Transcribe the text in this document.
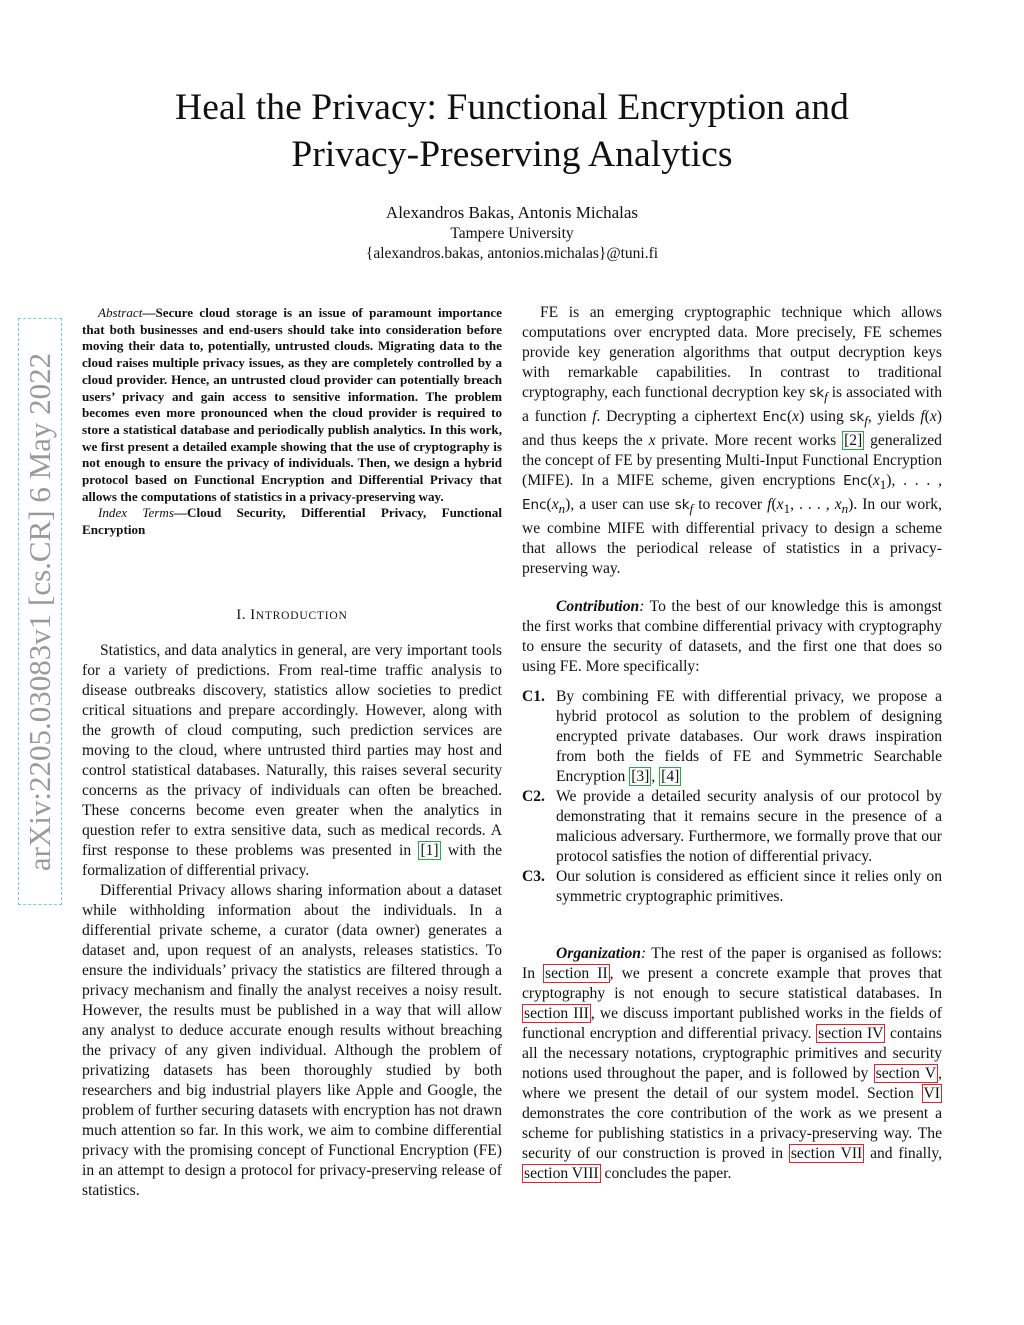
Heal the Privacy: Functional Encryption and
Privacy-Preserving Analytics
Alexandros Bakas, Antonis Michalas
Tampere University
{alexandros.bakas, antonios.michalas}@tuni.fi
arXiv:2205.03083v1 [cs.CR] 6 May 2022

Abstract—Secure cloud storage is an issue of paramount importance that both businesses and end-users should take into consideration before moving their data to, potentially, untrusted clouds. Migrating data to the cloud raises multiple privacy issues, as they are completely controlled by a cloud provider. Hence, an untrusted cloud provider can potentially breach users’ privacy and gain access to sensitive information. The problem becomes even more pronounced when the cloud provider is required to store a statistical database and periodically publish analytics. In this work, we first present a detailed example showing that the use of cryptography is not enough to ensure the privacy of individuals. Then, we design a hybrid protocol based on Functional Encryption and Differential Privacy that allows the computations of statistics in a privacy-preserving way.

Index Terms—Cloud Security, Differential Privacy, Functional Encryption

I. INTRODUCTION

Statistics, and data analytics in general, are very important tools for a variety of predictions. From real-time traffic analysis to disease outbreaks discovery, statistics allow societies to predict critical situations and prepare accordingly. However, along with the growth of cloud computing, such prediction services are moving to the cloud, where untrusted third parties may host and control statistical databases. Naturally, this raises several security concerns as the privacy of individuals can often be breached. These concerns become even greater when the analytics in question refer to extra sensitive data, such as medical records. A first response to these problems was presented in [1] with the formalization of differential privacy.

Differential Privacy allows sharing information about a dataset while withholding information about the individuals. In a differential private scheme, a curator (data owner) generates a dataset and, upon request of an analysts, releases statistics. To ensure the individuals’ privacy the statistics are filtered through a privacy mechanism and finally the analyst receives a noisy result. However, the results must be published in a way that will allow any analyst to deduce accurate enough results without breaching the privacy of any given individual. Although the problem of privatizing datasets has been thoroughly studied by both researchers and big industrial players like Apple and Google, the problem of further securing datasets with encryption has not drawn much attention so far. In this work, we aim to combine differential privacy with the promising concept of Functional Encryption (FE) in an attempt to design a protocol for privacy-preserving release of statistics.

FE is an emerging cryptographic technique which allows computations over encrypted data. More precisely, FE schemes provide key generation algorithms that output decryption keys with remarkable capabilities. In contrast to traditional cryptography, each functional decryption key $sk_f$ is associated with a function f. Decrypting a ciphertext Enc(x) using $sk_f$, yields f(x) and thus keeps the x private. More recent works [2] generalized the concept of FE by presenting Multi-Input Functional Encryption (MIFE). In a MIFE scheme, given encryptions $Enc(x_1)$, . . . , $Enc(x_n)$, a user can use $sk_f$ to recover $f(x_1$, . . . , $x_n$). In our work, we combine MIFE with differential privacy to design a scheme that allows the periodical release of statistics in a privacy-preserving way.

Contribution: To the best of our knowledge this is amongst the first works that combine differential privacy with cryptography to ensure the security of datasets, and the first one that does so using FE. More specifically:

C1. By combining FE with differential privacy, we propose a hybrid protocol as solution to the problem of designing encrypted private databases. Our work draws inspiration from both the fields of FE and Symmetric Searchable Encryption [3] , [4]
C2. We provide a detailed security analysis of our protocol by demonstrating that it remains secure in the presence of a malicious adversary. Furthermore, we formally prove that our protocol satisfies the notion of differential privacy.
C3. Our solution is considered as efficient since it relies only on symmetric cryptographic primitives.

Organization: The rest of the paper is organised as follows: In section II , we present a concrete example that proves that cryptography is not enough to secure statistical databases. In section III , we discuss important published works in the fields of functional encryption and differential privacy. section IV contains all the necessary notations, cryptographic primitives and security notions used throughout the paper, and is followed by section V , where we present the detail of our system model. Section VI demonstrates the core contribution of the work as we present a scheme for publishing statistics in a privacy-preserving way. The security of our construction is proved in section VII and finally, section VIII concludes the paper.
